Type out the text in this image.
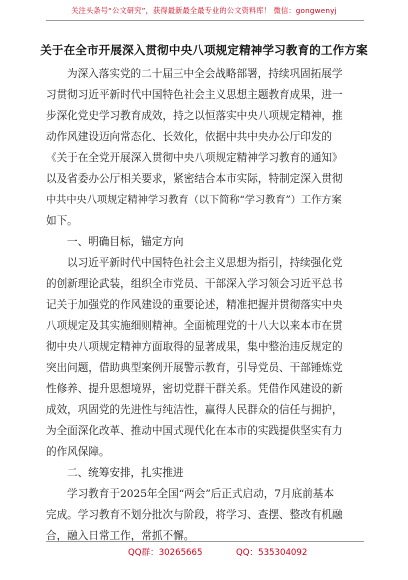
关注头条号“公文研究”，获得最新最全最专业的公文资料库！ 微信：gongwenyj
关于在全市开展深入贯彻中央八项规定精神学习教育的工作方案
为深入落实党的二十届三中全会战略部署，持续巩固拓展学
习贯彻习近平新时代中国特色社会主义思想主题教育成果，进一
步深化党史学习教育成效，持之以恒落实中央八项规定精神，推
动作风建设迈向常态化、长效化，依据中共中央办公厅印发的
《关于在全党开展深入贯彻中央八项规定精神学习教育的通知》
以及省委办公厅相关要求，紧密结合本市实际，特制定深入贯彻
中共中央八项规定精神学习教育（以下简称“学习教育”）工作方案
如下。
一、明确目标，锚定方向
以习近平新时代中国特色社会主义思想为指引，持续强化党
的创新理论武装，组织全市党员、干部深入学习领会习近平总书
记关于加强党的作风建设的重要论述，精准把握并贯彻落实中央
八项规定及其实施细则精神。全面梳理党的十八大以来本市在贯
彻中央八项规定精神方面取得的显著成果，集中整治违反规定的
突出问题，借助典型案例开展警示教育，引导党员、干部锤炼党
性修养、提升思想境界，密切党群干群关系。凭借作风建设的新
成效，巩固党的先进性与纯洁性，赢得人民群众的信任与拥护，
为全面深化改革、推动中国式现代化在本市的实践提供坚实有力
的作风保障。
二、统筹安排，扎实推进
学习教育于2025年全国“两会”后正式启动，7月底前基本
完成。学习教育不划分批次与阶段，将学习、查摆、整改有机融
合，融入日常工作，常抓不懈。
QQ群：30265665	QQ：535304092
